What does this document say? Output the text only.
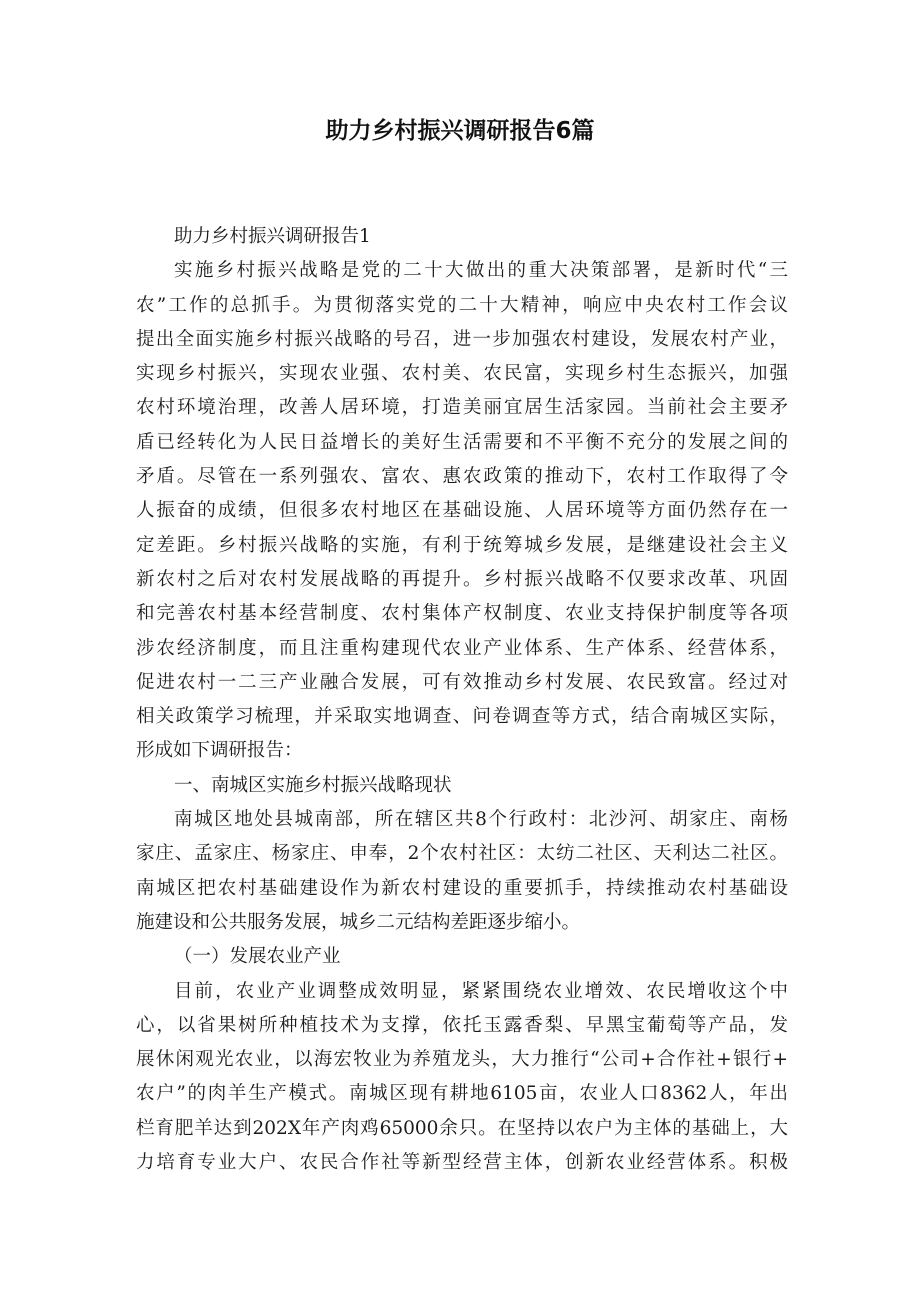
助力乡村振兴调研报告6篇
助力乡村振兴调研报告1
实施乡村振兴战略是党的二十大做出的重大决策部署，是新时代“三
农”工作的总抓手。为贯彻落实党的二十大精神，响应中央农村工作会议
提出全面实施乡村振兴战略的号召，进一步加强农村建设，发展农村产业，
实现乡村振兴，实现农业强、农村美、农民富，实现乡村生态振兴，加强
农村环境治理，改善人居环境，打造美丽宜居生活家园。当前社会主要矛
盾已经转化为人民日益增长的美好生活需要和不平衡不充分的发展之间的
矛盾。尽管在一系列强农、富农、惠农政策的推动下，农村工作取得了令
人振奋的成绩，但很多农村地区在基础设施、人居环境等方面仍然存在一
定差距。乡村振兴战略的实施，有利于统筹城乡发展，是继建设社会主义
新农村之后对农村发展战略的再提升。乡村振兴战略不仅要求改革、巩固
和完善农村基本经营制度、农村集体产权制度、农业支持保护制度等各项
涉农经济制度，而且注重构建现代农业产业体系、生产体系、经营体系，
促进农村一二三产业融合发展，可有效推动乡村发展、农民致富。经过对
相关政策学习梳理，并采取实地调查、问卷调查等方式，结合南城区实际，
形成如下调研报告：
一、南城区实施乡村振兴战略现状
南城区地处县城南部，所在辖区共8个行政村：北沙河、胡家庄、南杨
家庄、孟家庄、杨家庄、申奉，2个农村社区：太纺二社区、天利达二社区。
南城区把农村基础建设作为新农村建设的重要抓手，持续推动农村基础设
施建设和公共服务发展，城乡二元结构差距逐步缩小。
（一）发展农业产业
目前，农业产业调整成效明显，紧紧围绕农业增效、农民增收这个中
心，以省果树所种植技术为支撑，依托玉露香梨、早黑宝葡萄等产品，发
展休闲观光农业，以海宏牧业为养殖龙头，大力推行“公司+合作社+银行+
农户”的肉羊生产模式。南城区现有耕地6105亩，农业人口8362人，年出
栏育肥羊达到202X年产肉鸡65000余只。在坚持以农户为主体的基础上，大
力培育专业大户、农民合作社等新型经营主体，创新农业经营体系。积极
